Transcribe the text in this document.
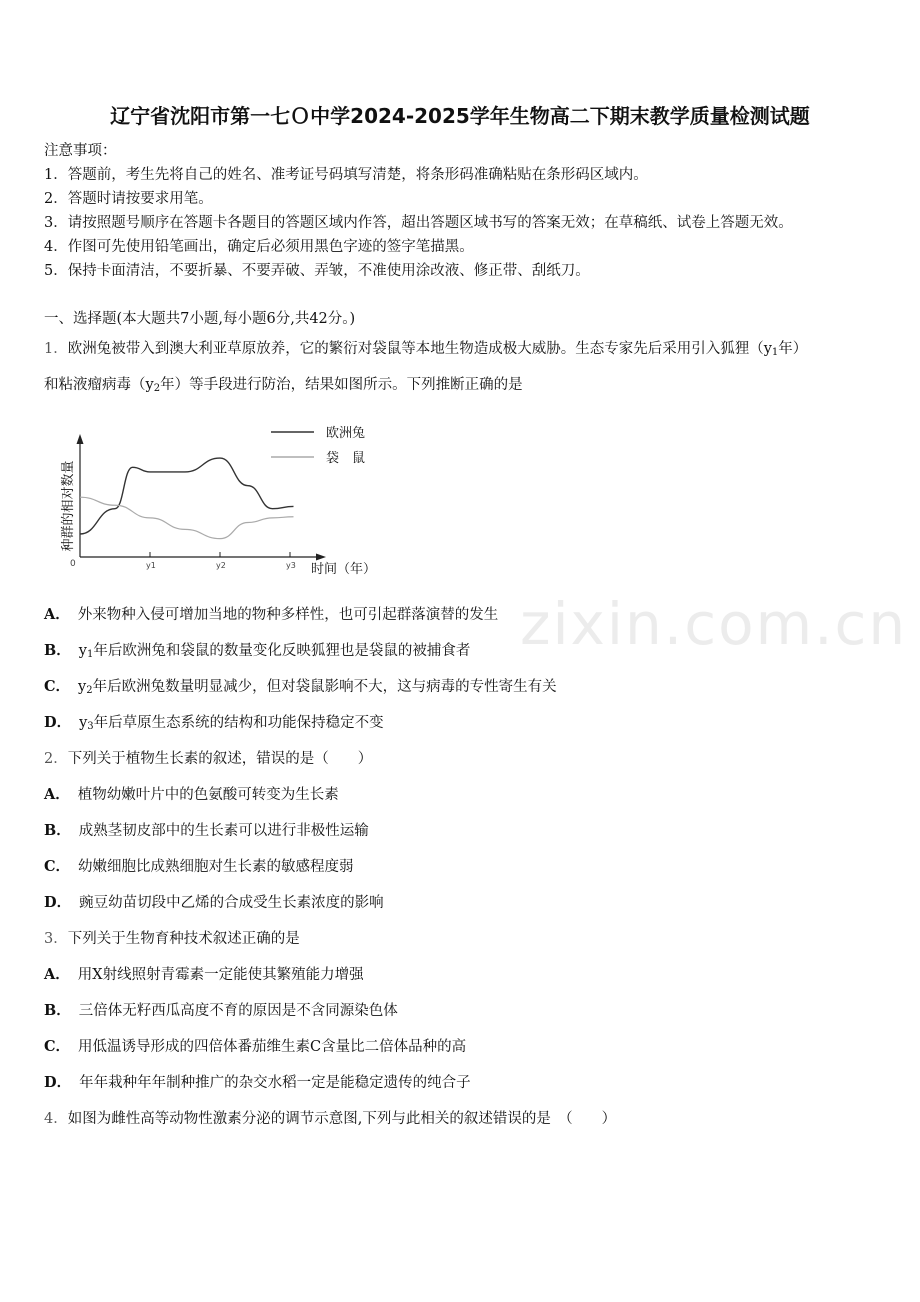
zixin.com.cn
辽宁省沈阳市第一七Ｏ中学2024-2025学年生物高二下期末教学质量检测试题
注意事项：
1．答题前，考生先将自己的姓名、准考证号码填写清楚，将条形码准确粘贴在条形码区域内。
2．答题时请按要求用笔。
3．请按照题号顺序在答题卡各题目的答题区域内作答，超出答题区域书写的答案无效；在草稿纸、试卷上答题无效。
4．作图可先使用铅笔画出，确定后必须用黑色字迹的签字笔描黑。
5．保持卡面清洁，不要折暴、不要弄破、弄皱，不准使用涂改液、修正带、刮纸刀。
一、选择题(本大题共7小题,每小题6分,共42分。)
1．欧洲兔被带入到澳大利亚草原放养，它的繁衍对袋鼠等本地生物造成极大威胁。生态专家先后采用引入狐狸（$y_1$年）
和粘液瘤病毒（$y_2$年）等手段进行防治，结果如图所示。下列推断正确的是
0	时间（年）
种群的相对数量
y1	y2	y3
欧洲兔
袋　鼠
A． 外来物种入侵可增加当地的物种多样性，也可引起群落演替的发生
B． $y_1$年后欧洲兔和袋鼠的数量变化反映狐狸也是袋鼠的被捕食者
C． $y_2$年后欧洲兔数量明显减少，但对袋鼠影响不大，这与病毒的专性寄生有关
D． $y_3$年后草原生态系统的结构和功能保持稳定不变
2．下列关于植物生长素的叙述，错误的是（　　）
A． 植物幼嫩叶片中的色氨酸可转变为生长素
B． 成熟茎韧皮部中的生长素可以进行非极性运输
C． 幼嫩细胞比成熟细胞对生长素的敏感程度弱
D． 豌豆幼苗切段中乙烯的合成受生长素浓度的影响
3．下列关于生物育种技术叙述正确的是
A． 用X射线照射青霉素一定能使其繁殖能力增强
B． 三倍体无籽西瓜高度不育的原因是不含同源染色体
C． 用低温诱导形成的四倍体番茄维生素C含量比二倍体品种的高
D． 年年栽种年年制种推广的杂交水稻一定是能稳定遗传的纯合子
4．如图为雌性高等动物性激素分泌的调节示意图,下列与此相关的叙述错误的是　（　　）
